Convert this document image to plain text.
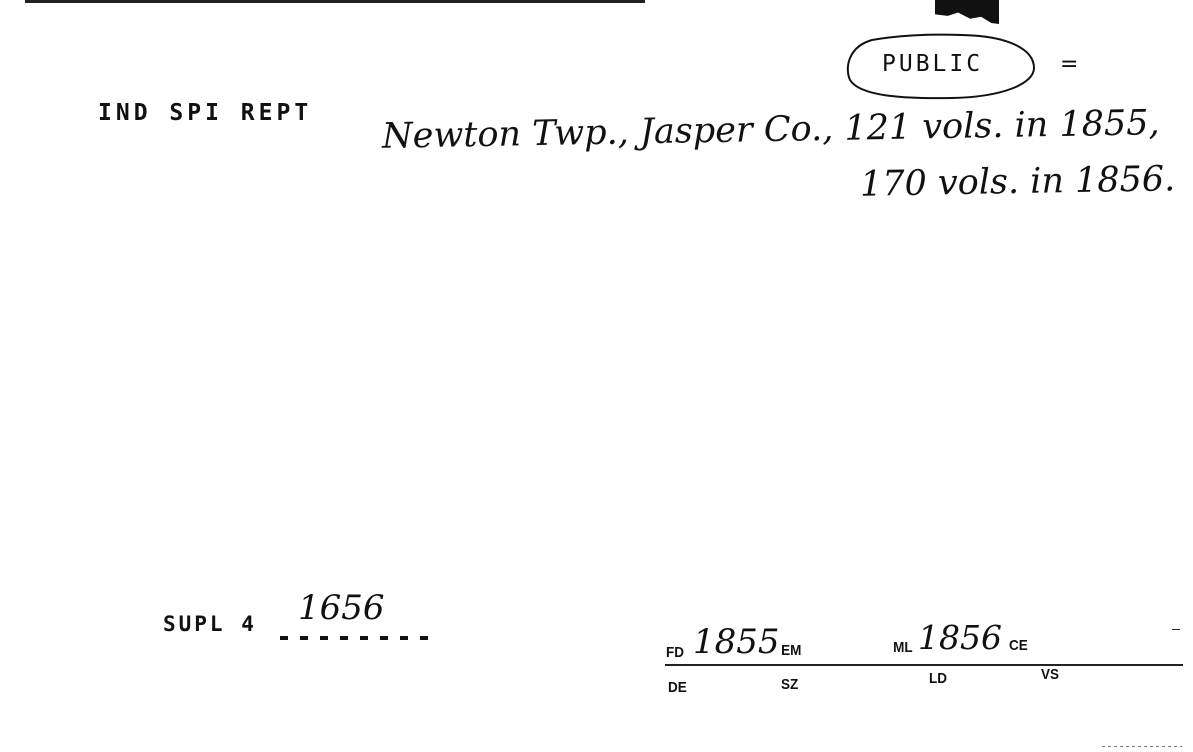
PUBLIC	=
IND SPI REPT Newton Twp., Jasper Co., 121 vols. in 1855,
170 vols. in 1856.
SUPL 4 1656
FD 1855 EM	ML 1856 CE
DE	SZ	LD	VS
